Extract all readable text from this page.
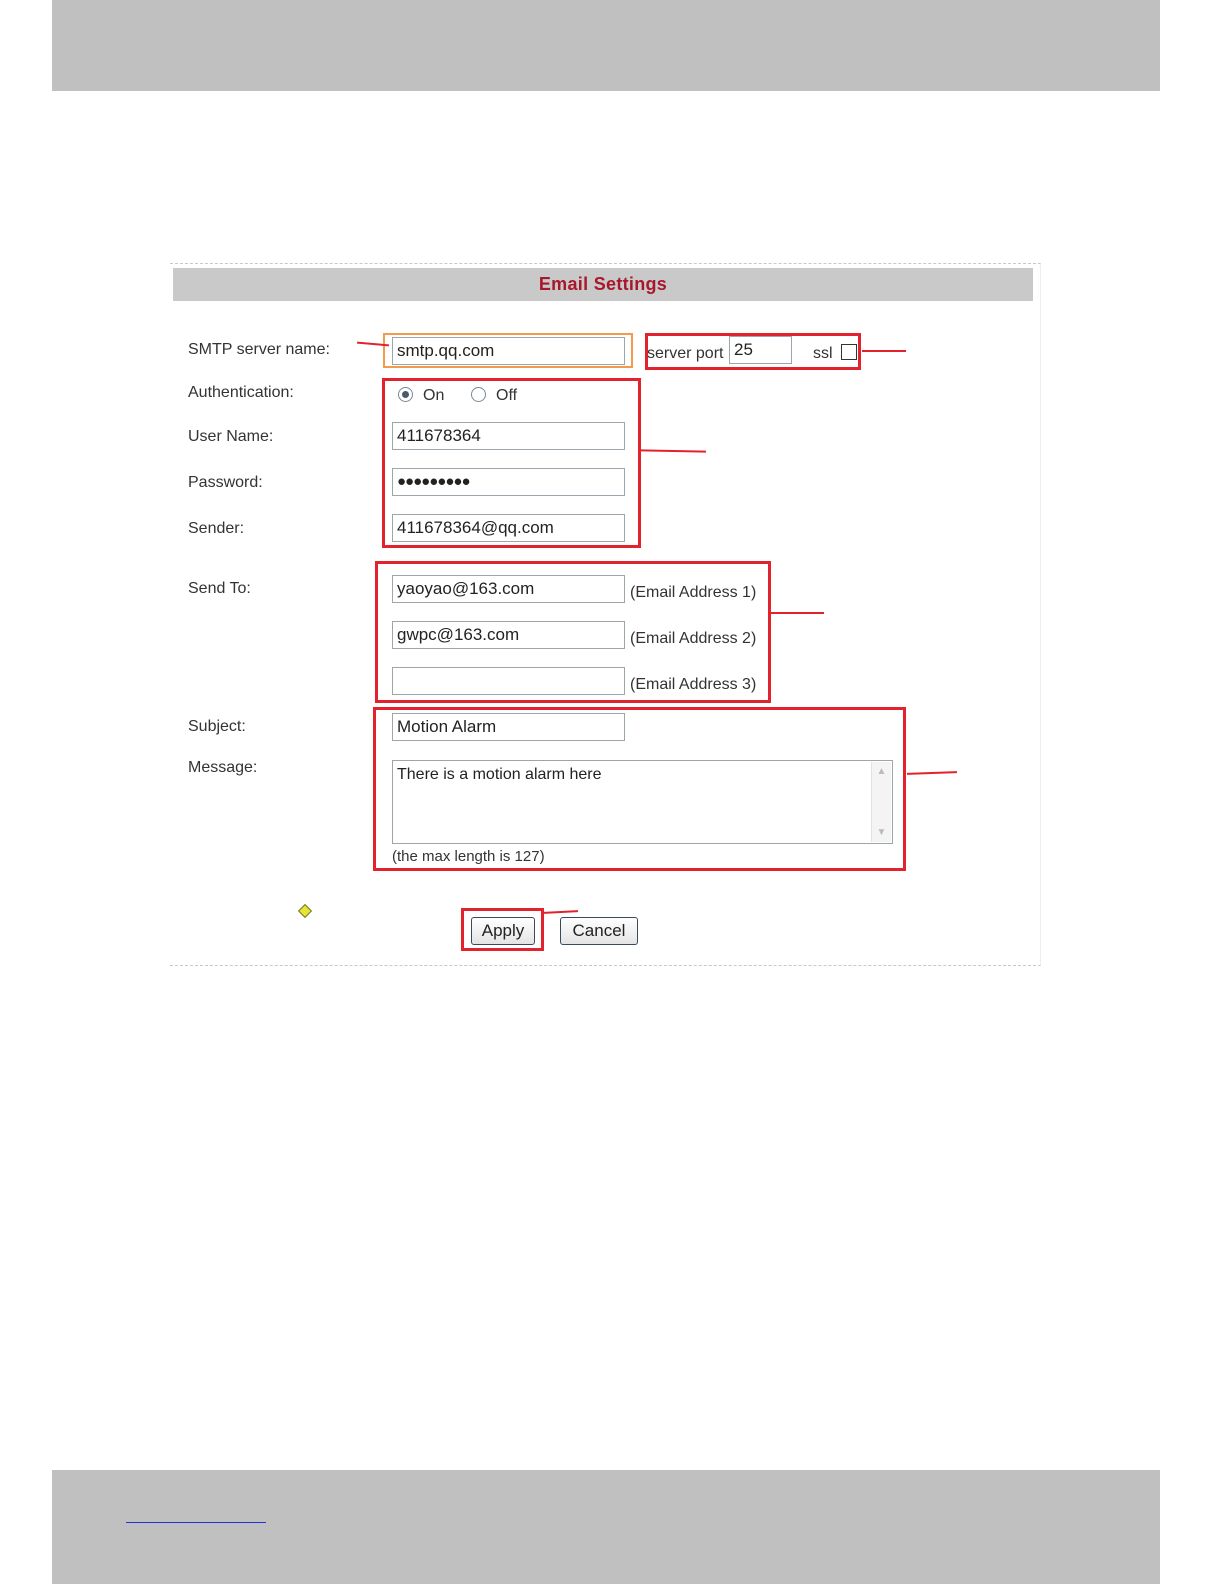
Email Settings
SMTP server name:	smtp.qq.com	server port 25	ssl
Authentication:	On	Off
User Name:	411678364
Password:	●●●●●●●●●
Sender:	411678364@qq.com
Send To:	yaoyao@163.com	(Email Address 1)
gwpc@163.com	(Email Address 2)
(Email Address 3)
Subject:	Motion Alarm
Message:	There is a motion alarm here	▲
▼
(the max length is 127)
Apply	Cancel
